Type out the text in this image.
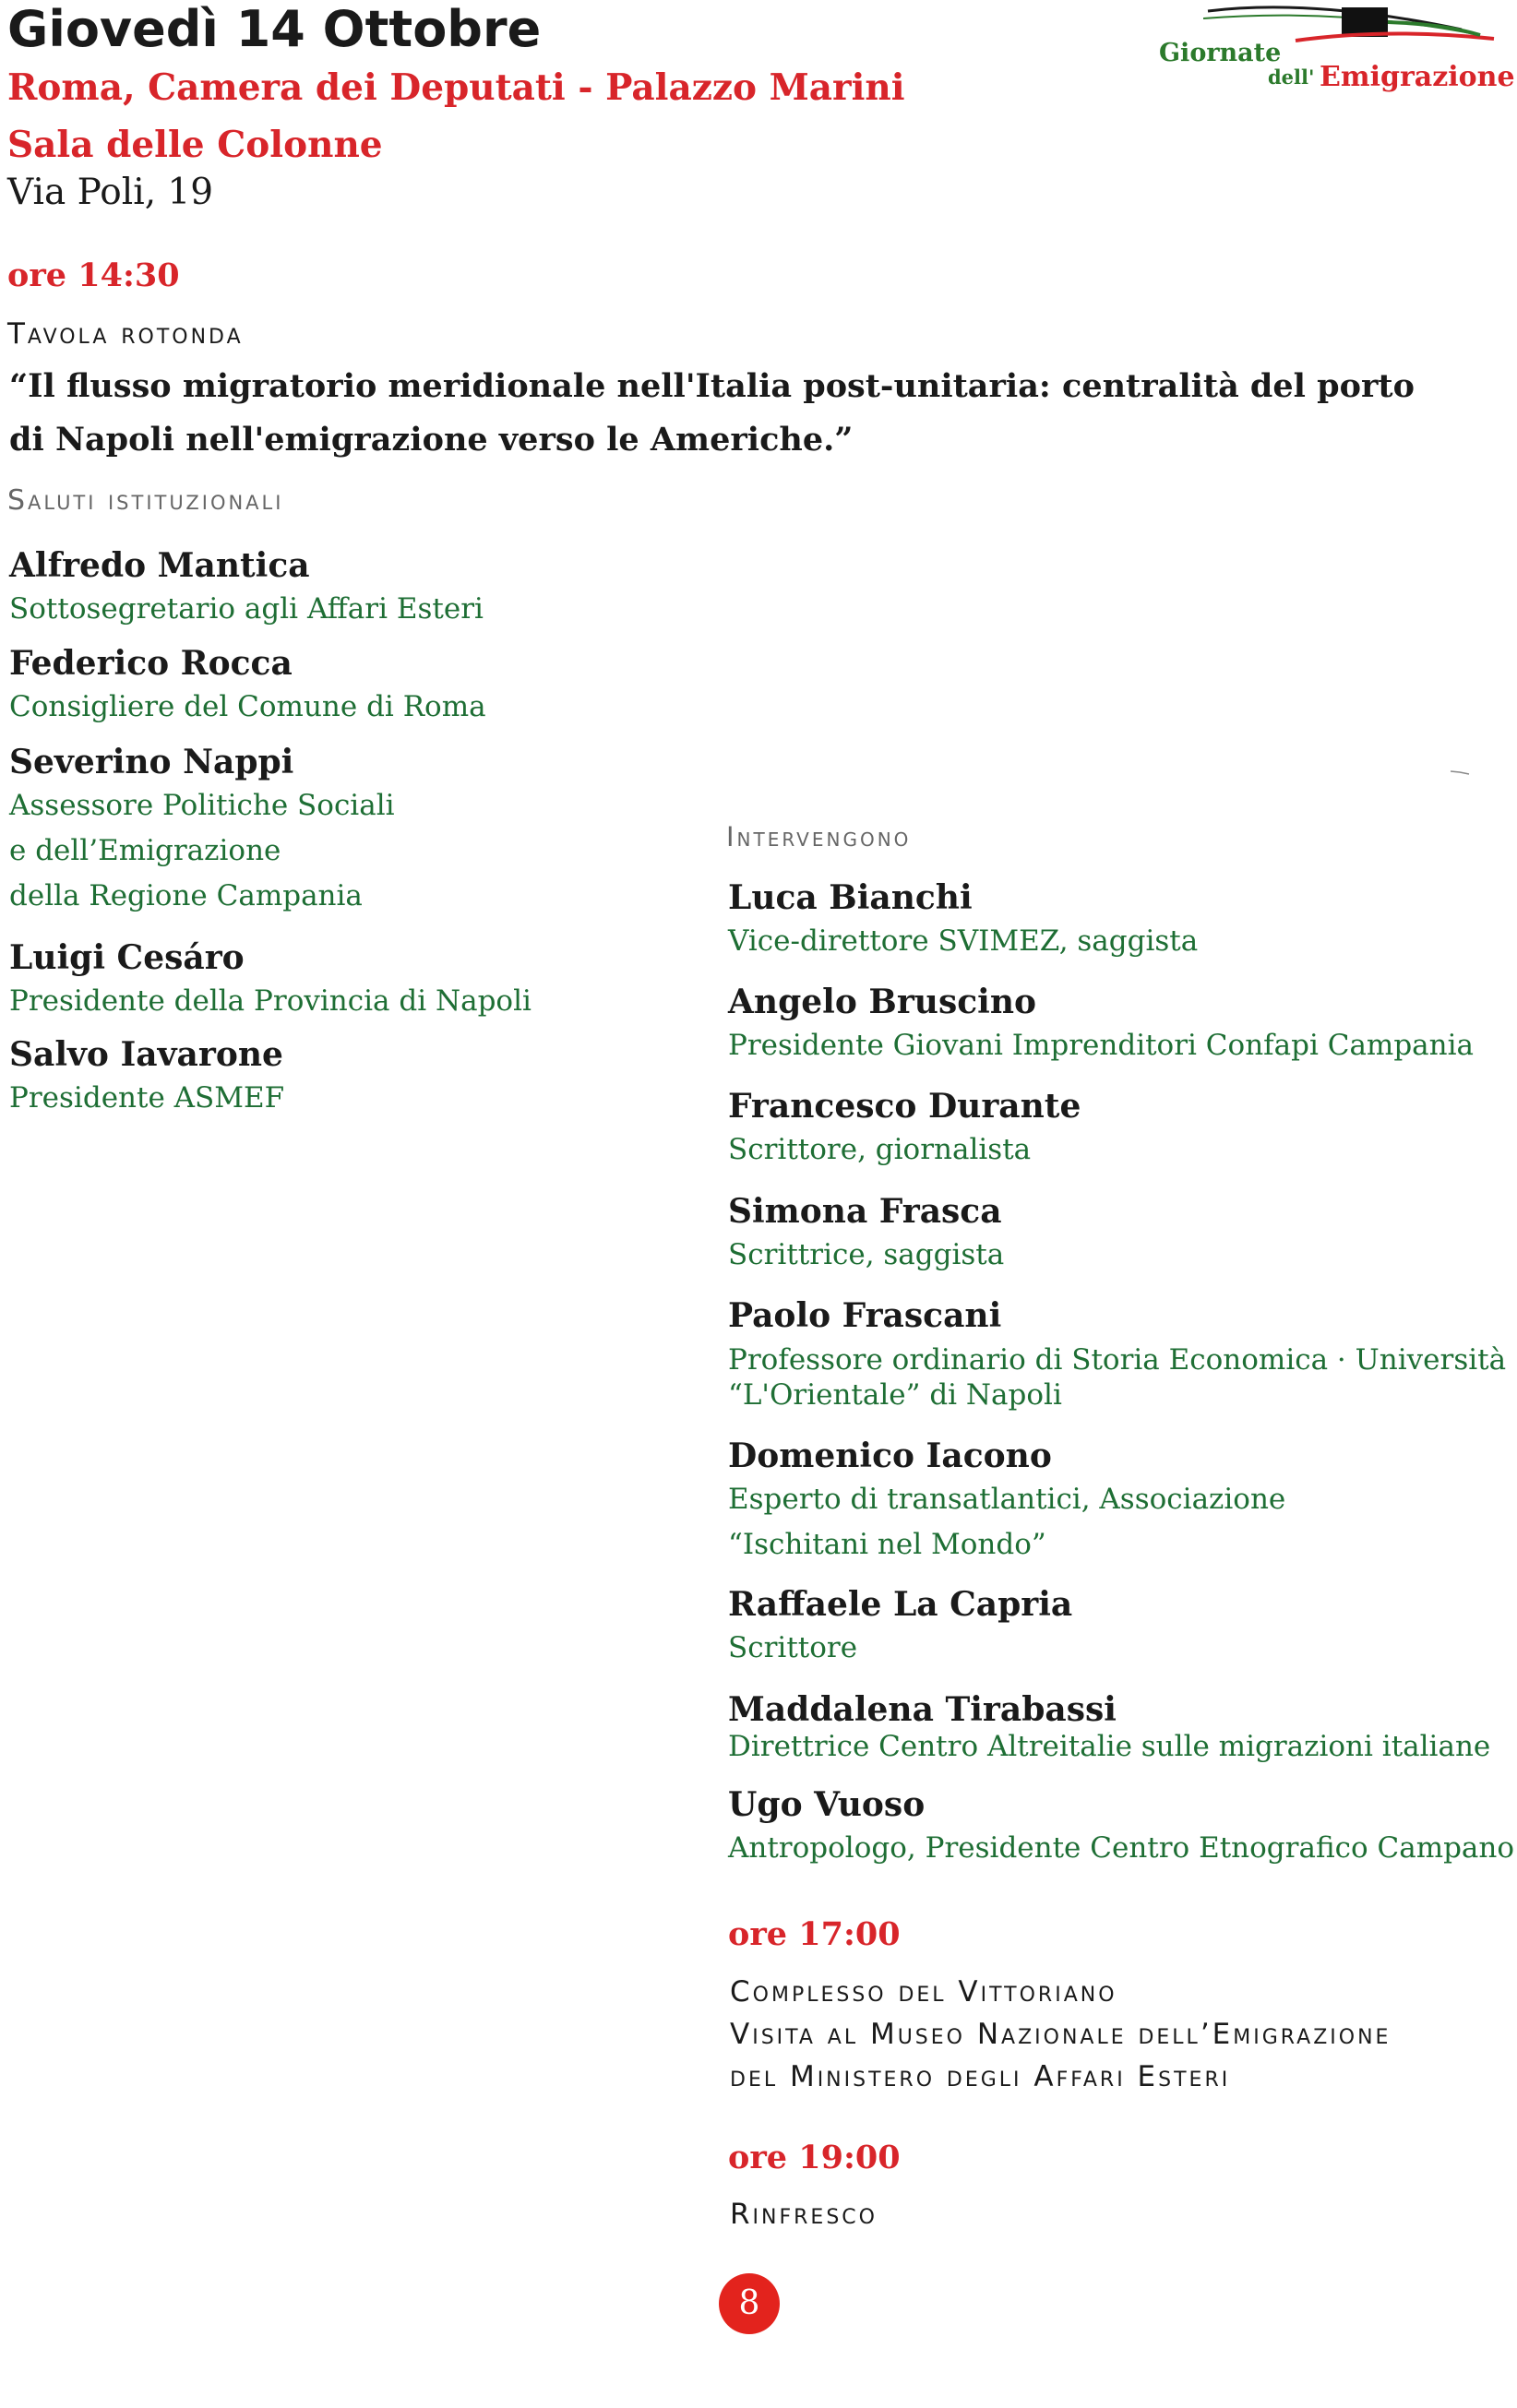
Giovedì 14 Ottobre
Roma, Camera dei Deputati - Palazzo Marini
Sala delle Colonne
Via Poli, 19
Giornate
dell' Emigrazione
ore 14:30
Tavola rotonda
“Il flusso migratorio meridionale nell'Italia post-unitaria: centralità del porto
di Napoli nell'emigrazione verso le Americhe.”
Saluti istituzionali
Alfredo Mantica
Sottosegretario agli Affari Esteri
Federico Rocca
Consigliere del Comune di Roma
Severino Nappi
Assessore Politiche Sociali
e dell’Emigrazione
della Regione Campania
Luigi Cesáro
Presidente della Provincia di Napoli
Salvo Iavarone
Presidente ASMEF
Intervengono
Luca Bianchi
Vice-direttore SVIMEZ, saggista
Angelo Bruscino
Presidente Giovani Imprenditori Confapi Campania
Francesco Durante
Scrittore, giornalista
Simona Frasca
Scrittrice, saggista
Paolo Frascani
Professore ordinario di Storia Economica · Università
“L'Orientale” di Napoli
Domenico Iacono
Esperto di transatlantici, Associazione
“Ischitani nel Mondo”
Raffaele La Capria
Scrittore
Maddalena Tirabassi
Direttrice Centro Altreitalie sulle migrazioni italiane
Ugo Vuoso
Antropologo, Presidente Centro Etnografico Campano
ore 17:00
Complesso del Vittoriano
Visita al Museo Nazionale dell’Emigrazione
del Ministero degli Affari Esteri
ore 19:00
Rinfresco
8
